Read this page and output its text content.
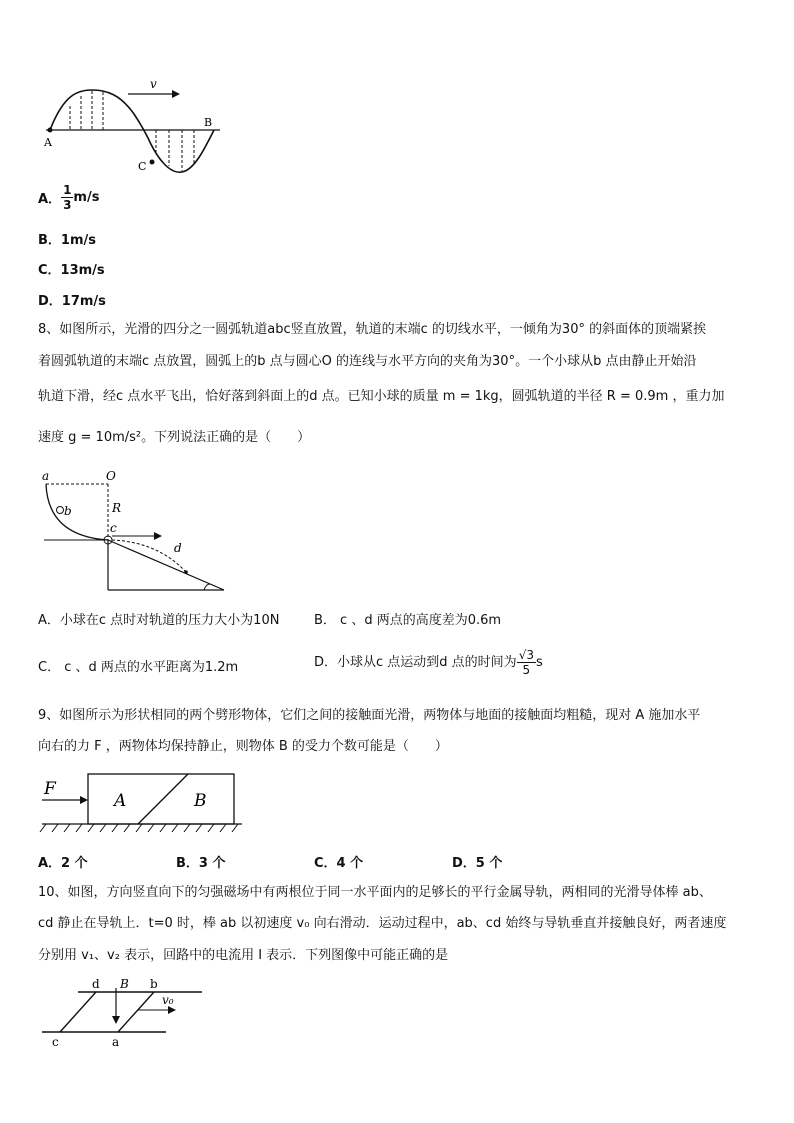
v
A
C
B
A． $\frac{1}{3} m/s$
B．1m/s
C．13m/s
D．17m/s
8、如图所示，光滑的四分之一圆弧轨道abc竖直放置，轨道的末端c 的切线水平，一倾角为30° 的斜面体的顶端紧挨
着圆弧轨道的末端c 点放置，圆弧上的b 点与圆心O 的连线与水平方向的夹角为30°。一个小球从b 点由静止开始沿
轨道下滑，经c 点水平飞出，恰好落到斜面上的d 点。已知小球的质量 m = 1kg，圆弧轨道的半径 R = 0.9m ，重力加
速度 g = 10m/s²。下列说法正确的是（　　）
a	O
b	R
c
d
A．小球在c 点时对轨道的压力大小为10N	B． c 、d 两点的高度差为0.6m
C． c 、d 两点的水平距离为1.2m	D．小球从c 点运动到d 点的时间为 $\frac{√3}{5}$ s
9、如图所示为形状相同的两个劈形物体，它们之间的接触面光滑，两物体与地面的接触面均粗糙，现对 A 施加水平
向右的力 F ，两物体均保持静止，则物体 B 的受力个数可能是（　　）
F
A	B
A．2 个	B．3 个	C．4 个	D．5 个
10、如图，方向竖直向下的匀强磁场中有两根位于同一水平面内的足够长的平行金属导轨，两相同的光滑导体棒 ab、
cd 静止在导轨上．t=0 时，棒 ab 以初速度 v₀ 向右滑动．运动过程中，ab、cd 始终与导轨垂直并接触良好，两者速度
分别用 v₁、v₂ 表示，回路中的电流用 I 表示．下列图像中可能正确的是
d B b
v₀
c	a
